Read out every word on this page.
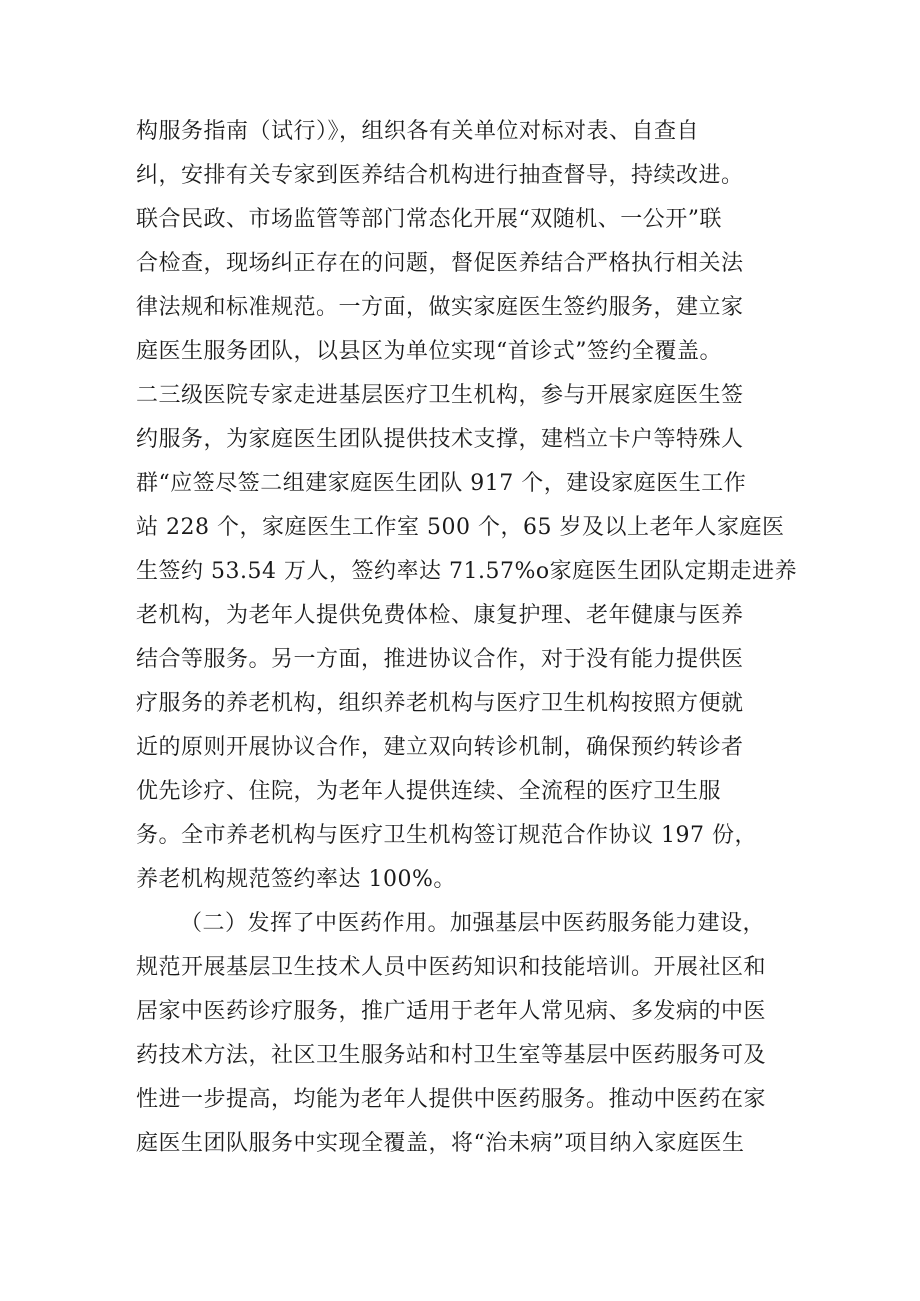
构服务指南（试行）》，组织各有关单位对标对表、自查自
纠，安排有关专家到医养结合机构进行抽查督导，持续改进。
联合民政、市场监管等部门常态化开展“双随机、一公开”联
合检查，现场纠正存在的问题，督促医养结合严格执行相关法
律法规和标准规范。一方面，做实家庭医生签约服务，建立家
庭医生服务团队，以县区为单位实现“首诊式”签约全覆盖。
二三级医院专家走进基层医疗卫生机构，参与开展家庭医生签
约服务，为家庭医生团队提供技术支撑，建档立卡户等特殊人
群“应签尽签二组建家庭医生团队 917 个，建设家庭医生工作
站 228 个，家庭医生工作室 500 个，65 岁及以上老年人家庭医
生签约 53.54 万人，签约率达 71.57%o家庭医生团队定期走进养
老机构，为老年人提供免费体检、康复护理、老年健康与医养
结合等服务。另一方面，推进协议合作，对于没有能力提供医
疗服务的养老机构，组织养老机构与医疗卫生机构按照方便就
近的原则开展协议合作，建立双向转诊机制，确保预约转诊者
优先诊疗、住院，为老年人提供连续、全流程的医疗卫生服
务。全市养老机构与医疗卫生机构签订规范合作协议 197 份，
养老机构规范签约率达 100%。
（二）发挥了中医药作用。加强基层中医药服务能力建设，
规范开展基层卫生技术人员中医药知识和技能培训。开展社区和
居家中医药诊疗服务，推广适用于老年人常见病、多发病的中医
药技术方法，社区卫生服务站和村卫生室等基层中医药服务可及
性进一步提高，均能为老年人提供中医药服务。推动中医药在家
庭医生团队服务中实现全覆盖，将“治未病”项目纳入家庭医生
